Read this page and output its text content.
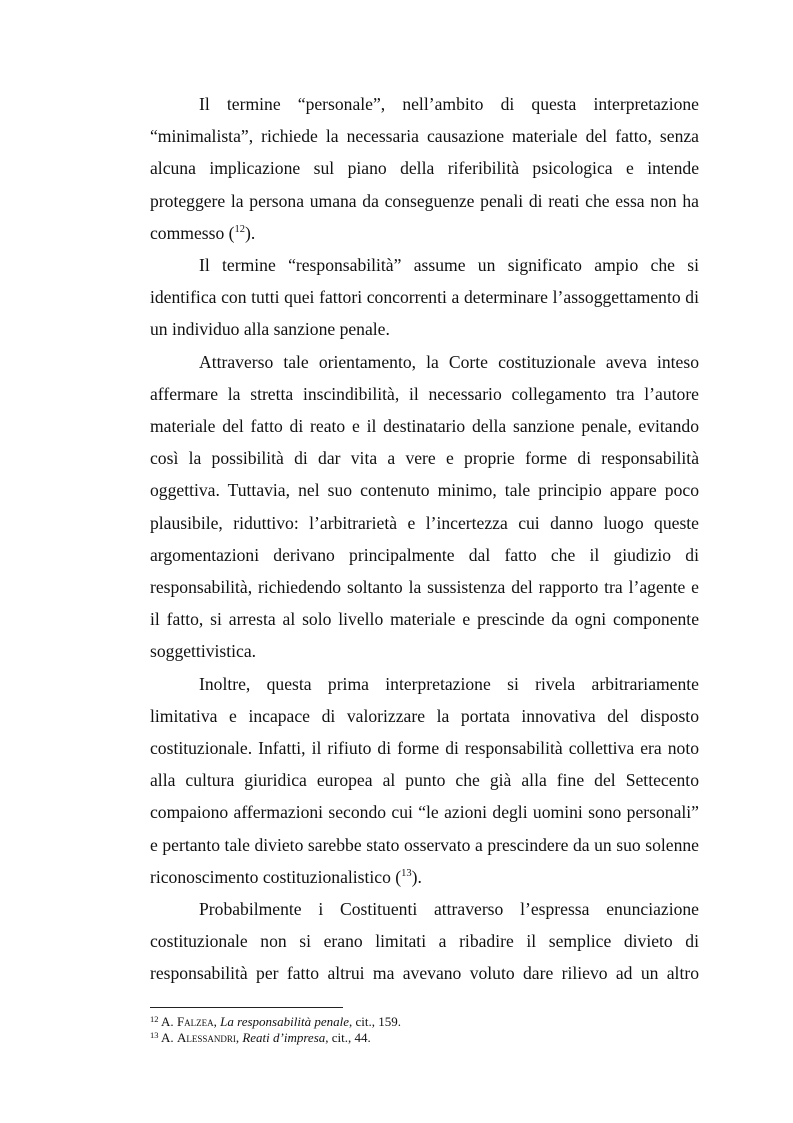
Il termine “personale”, nell’ambito di questa interpretazione “minimalista”, richiede la necessaria causazione materiale del fatto, senza alcuna implicazione sul piano della riferibilità psicologica e intende proteggere la persona umana da conseguenze penali di reati che essa non ha commesso ($^{12}$).

Il termine “responsabilità” assume un significato ampio che si identifica con tutti quei fattori concorrenti a determinare l’assoggettamento di un individuo alla sanzione penale.

Attraverso tale orientamento, la Corte costituzionale aveva inteso affermare la stretta inscindibilità, il necessario collegamento tra l’autore materiale del fatto di reato e il destinatario della sanzione penale, evitando così la possibilità di dar vita a vere e proprie forme di responsabilità oggettiva. Tuttavia, nel suo contenuto minimo, tale principio appare poco plausibile, riduttivo: l’arbitrarietà e l’incertezza cui danno luogo queste argomentazioni derivano principalmente dal fatto che il giudizio di responsabilità, richiedendo soltanto la sussistenza del rapporto tra l’agente e il fatto, si arresta al solo livello materiale e prescinde da ogni componente soggettivistica.

Inoltre, questa prima interpretazione si rivela arbitrariamente limitativa e incapace di valorizzare la portata innovativa del disposto costituzionale. Infatti, il rifiuto di forme di responsabilità collettiva era noto alla cultura giuridica europea al punto che già alla fine del Settecento compaiono affermazioni secondo cui “le azioni degli uomini sono personali” e pertanto tale divieto sarebbe stato osservato a prescindere da un suo solenne riconoscimento costituzionalistico ($^{13}$).

Probabilmente i Costituenti attraverso l’espressa enunciazione costituzionale non si erano limitati a ribadire il semplice divieto di responsabilità per fatto altrui ma avevano voluto dare rilievo ad un altro

$^{12}$ A. Falzea, La responsabilità penale, cit., 159.
$^{13}$ A. Alessandri, Reati d’impresa, cit., 44.
